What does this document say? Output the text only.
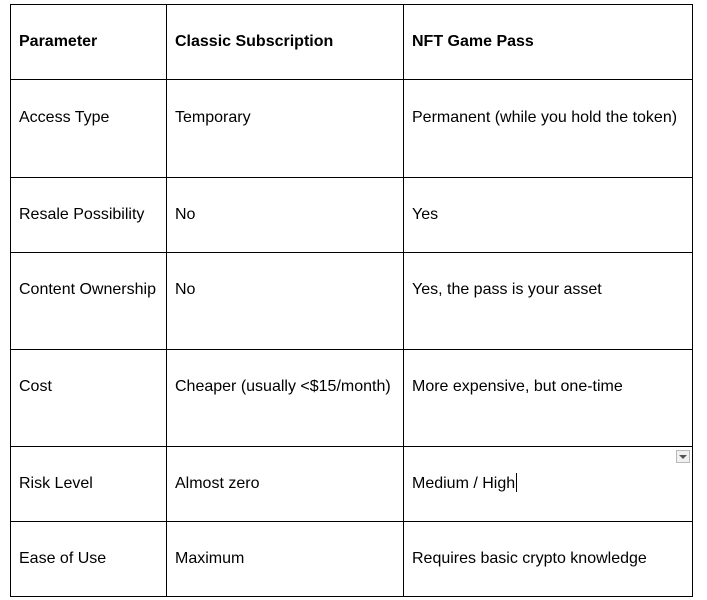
Parameter	Classic Subscription	NFT Game Pass
Access Type	Temporary	Permanent (while you hold the token)
Resale Possibility	No	Yes
Content Ownership	No	Yes, the pass is your asset
Cost	Cheaper (usually <$15/month)	More expensive, but one-time
Risk Level	Almost zero	Medium / High

Ease of Use	Maximum	Requires basic crypto knowledge
